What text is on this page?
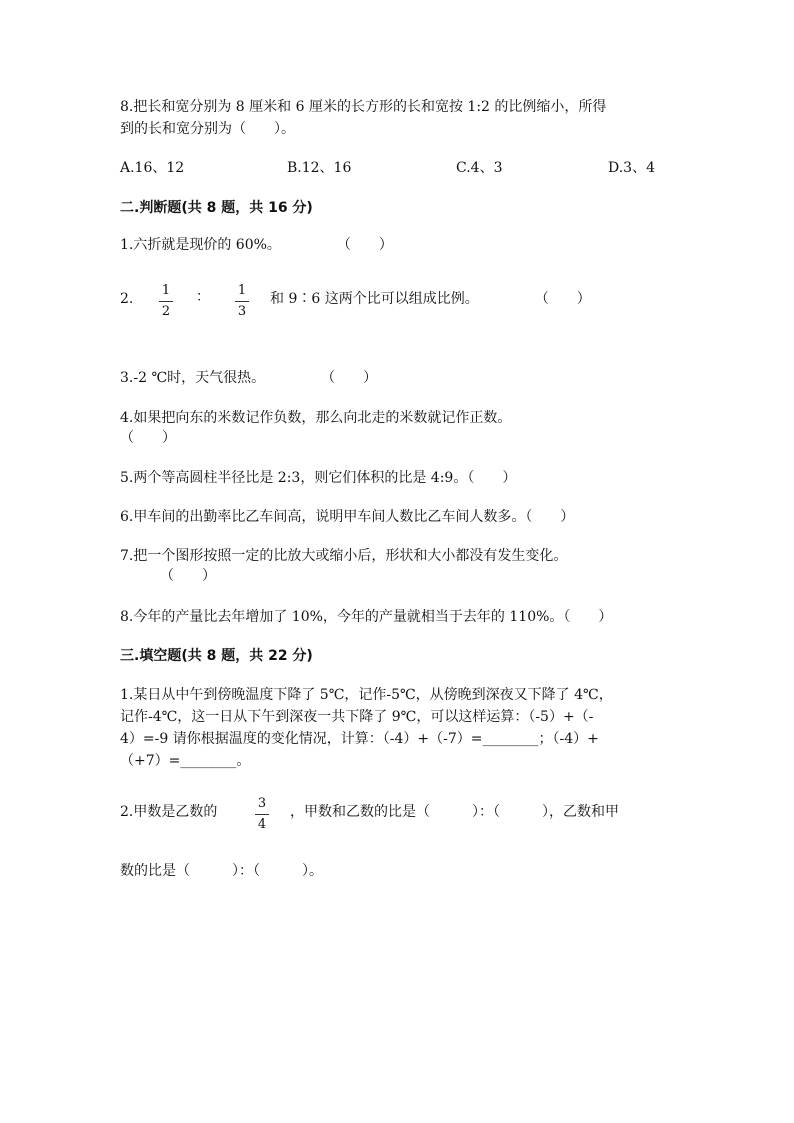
8.把长和宽分别为 8 厘米和 6 厘米的长方形的长和宽按 1:2 的比例缩小，所得
到的长和宽分别为（　　）。
A.16、12	B.12、16	C.4、3	D.3、4
二.判断题(共 8 题，共 16 分)
1.六折就是现价的 60%。　　　　　（　　）
2.
1
2
：	1
3
和 9∶6 这两个比可以组成比例。　　　　　（　　）
3.-2 ℃时，天气很热。　　　　　（　　）
4.如果把向东的米数记作负数，那么向北走的米数就记作正数。
（　　）
5.两个等高圆柱半径比是 2:3，则它们体积的比是 4:9。（　　）
6.甲车间的出勤率比乙车间高，说明甲车间人数比乙车间人数多。（　　）
7.把一个图形按照一定的比放大或缩小后，形状和大小都没有发生变化。
（　　）
8.今年的产量比去年增加了 10%，今年的产量就相当于去年的 110%。（　　）
三.填空题(共 8 题，共 22 分)
1.某日从中午到傍晚温度下降了 5℃，记作-5℃，从傍晚到深夜又下降了 4℃，
记作-4℃，这一日从下午到深夜一共下降了 9℃，可以这样运算：（-5）+（-
4）=-9 请你根据温度的变化情况，计算：（-4）+（-7）=________；（-4）+
（+7）=________。
2.甲数是乙数的
3
4
，甲数和乙数的比是（　　　）：（　　　），乙数和甲
数的比是（　　　）：（　　　）。
